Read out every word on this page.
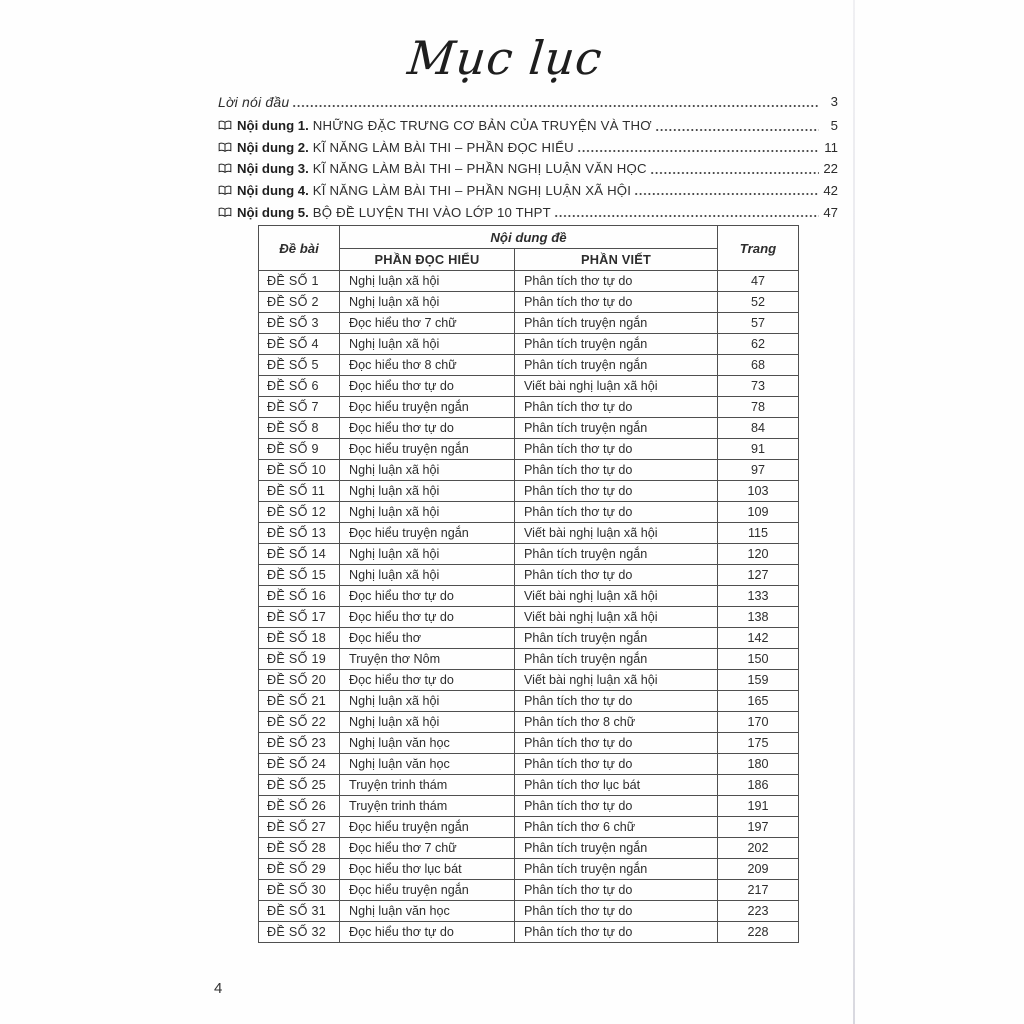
Mục lục
Lời nói đầu	3
Nội dung 1. NHỮNG ĐẶC TRƯNG CƠ BẢN CỦA TRUYỆN VÀ THƠ	5
Nội dung 2. KĨ NĂNG LÀM BÀI THI – PHẦN ĐỌC HIỂU	11
Nội dung 3. KĨ NĂNG LÀM BÀI THI – PHẦN NGHỊ LUẬN VĂN HỌC	22
Nội dung 4. KĨ NĂNG LÀM BÀI THI – PHẦN NGHỊ LUẬN XÃ HỘI	42
Nội dung 5. BỘ ĐỀ LUYỆN THI VÀO LỚP 10 THPT	47
Đề bài	Nội dung đề		Trang
	PHẦN ĐỌC HIỂU	PHẦN VIẾT	
ĐỀ SỐ 1	Nghị luận xã hội	Phân tích thơ tự do	47
ĐỀ SỐ 2	Nghị luận xã hội	Phân tích thơ tự do	52
ĐỀ SỐ 3	Đọc hiểu thơ 7 chữ	Phân tích truyện ngắn	57
ĐỀ SỐ 4	Nghị luận xã hội	Phân tích truyện ngắn	62
ĐỀ SỐ 5	Đọc hiểu thơ 8 chữ	Phân tích truyện ngắn	68
ĐỀ SỐ 6	Đọc hiểu thơ tự do	Viết bài nghị luận xã hội	73
ĐỀ SỐ 7	Đọc hiểu truyện ngắn	Phân tích thơ tự do	78
ĐỀ SỐ 8	Đọc hiểu thơ tự do	Phân tích truyện ngắn	84
ĐỀ SỐ 9	Đọc hiểu truyện ngắn	Phân tích thơ tự do	91
ĐỀ SỐ 10	Nghị luận xã hội	Phân tích thơ tự do	97
ĐỀ SỐ 11	Nghị luận xã hội	Phân tích thơ tự do	103
ĐỀ SỐ 12	Nghị luận xã hội	Phân tích thơ tự do	109
ĐỀ SỐ 13	Đọc hiểu truyện ngắn	Viết bài nghị luận xã hội	115
ĐỀ SỐ 14	Nghị luận xã hội	Phân tích truyện ngắn	120
ĐỀ SỐ 15	Nghị luận xã hội	Phân tích thơ tự do	127
ĐỀ SỐ 16	Đọc hiểu thơ tự do	Viết bài nghị luận xã hội	133
ĐỀ SỐ 17	Đọc hiểu thơ tự do	Viết bài nghị luận xã hội	138
ĐỀ SỐ 18	Đọc hiểu thơ	Phân tích truyện ngắn	142
ĐỀ SỐ 19	Truyện thơ Nôm	Phân tích truyện ngắn	150
ĐỀ SỐ 20	Đọc hiểu thơ tự do	Viết bài nghị luận xã hội	159
ĐỀ SỐ 21	Nghị luận xã hội	Phân tích thơ tự do	165
ĐỀ SỐ 22	Nghị luận xã hội	Phân tích thơ 8 chữ	170
ĐỀ SỐ 23	Nghị luận văn học	Phân tích thơ tự do	175
ĐỀ SỐ 24	Nghị luận văn học	Phân tích thơ tự do	180
ĐỀ SỐ 25	Truyện trinh thám	Phân tích thơ lục bát	186
ĐỀ SỐ 26	Truyện trinh thám	Phân tích thơ tự do	191
ĐỀ SỐ 27	Đọc hiểu truyện ngắn	Phân tích thơ 6 chữ	197
ĐỀ SỐ 28	Đọc hiểu thơ 7 chữ	Phân tích truyện ngắn	202
ĐỀ SỐ 29	Đọc hiểu thơ lục bát	Phân tích truyện ngắn	209
ĐỀ SỐ 30	Đọc hiểu truyện ngắn	Phân tích thơ tự do	217
ĐỀ SỐ 31	Nghị luận văn học	Phân tích thơ tự do	223
ĐỀ SỐ 32	Đọc hiểu thơ tự do	Phân tích thơ tự do	228
4
